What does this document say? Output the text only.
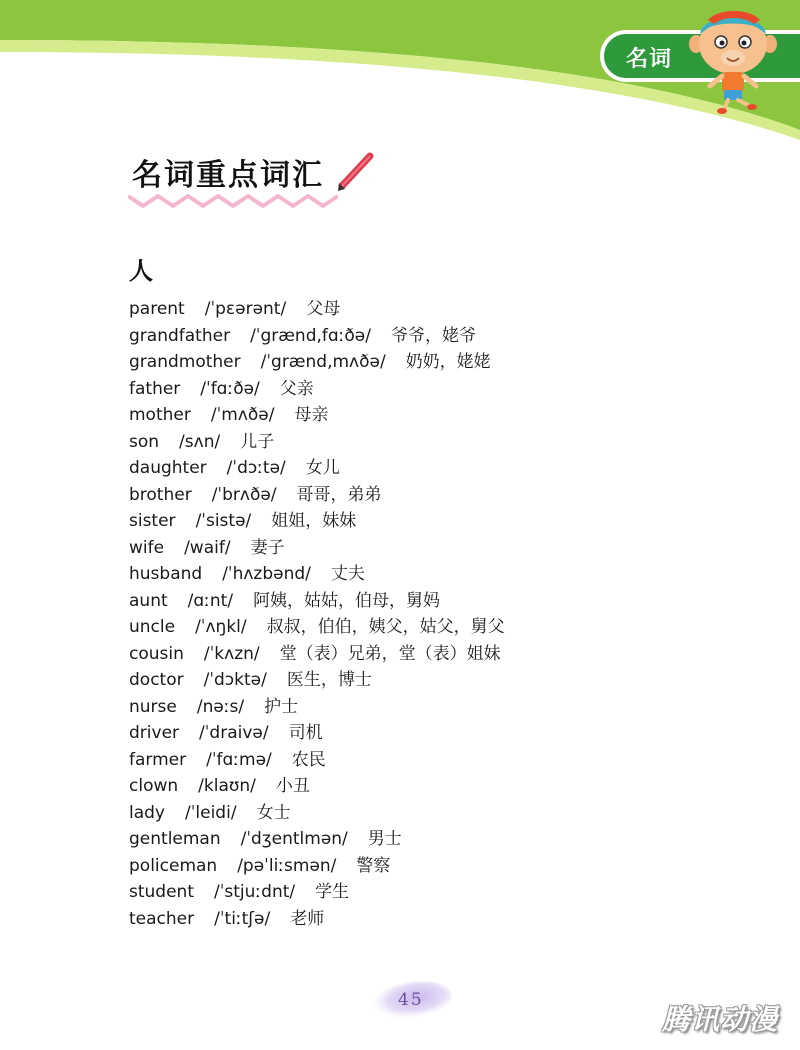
名词
名词重点词汇
人
parent /ˈpεərənt/ 父母
grandfather /ˈgrænd,fɑːðə/ 爷爷，姥爷
grandmother /ˈgrænd,mʌðə/ 奶奶，姥姥
father /ˈfɑːðə/ 父亲
mother /ˈmʌðə/ 母亲
son /sʌn/ 儿子
daughter /ˈdɔːtə/ 女儿
brother /ˈbrʌðə/ 哥哥，弟弟
sister /ˈsistə/ 姐姐，妹妹
wife /waif/ 妻子
husband /ˈhʌzbənd/ 丈夫
aunt /ɑːnt/ 阿姨，姑姑，伯母，舅妈
uncle /ˈʌŋkl/ 叔叔，伯伯，姨父，姑父，舅父
cousin /ˈkʌzn/ 堂（表）兄弟，堂（表）姐妹
doctor /ˈdɔktə/ 医生，博士
nurse /nəːs/ 护士
driver /ˈdraivə/ 司机
farmer /ˈfɑːmə/ 农民
clown /klaʊn/ 小丑
lady /ˈleidi/ 女士
gentleman /ˈdʒentlmən/ 男士
policeman /pəˈliːsmən/ 警察
student /ˈstjuːdnt/ 学生
teacher /ˈtiːtʃə/ 老师
45
腾讯动漫
